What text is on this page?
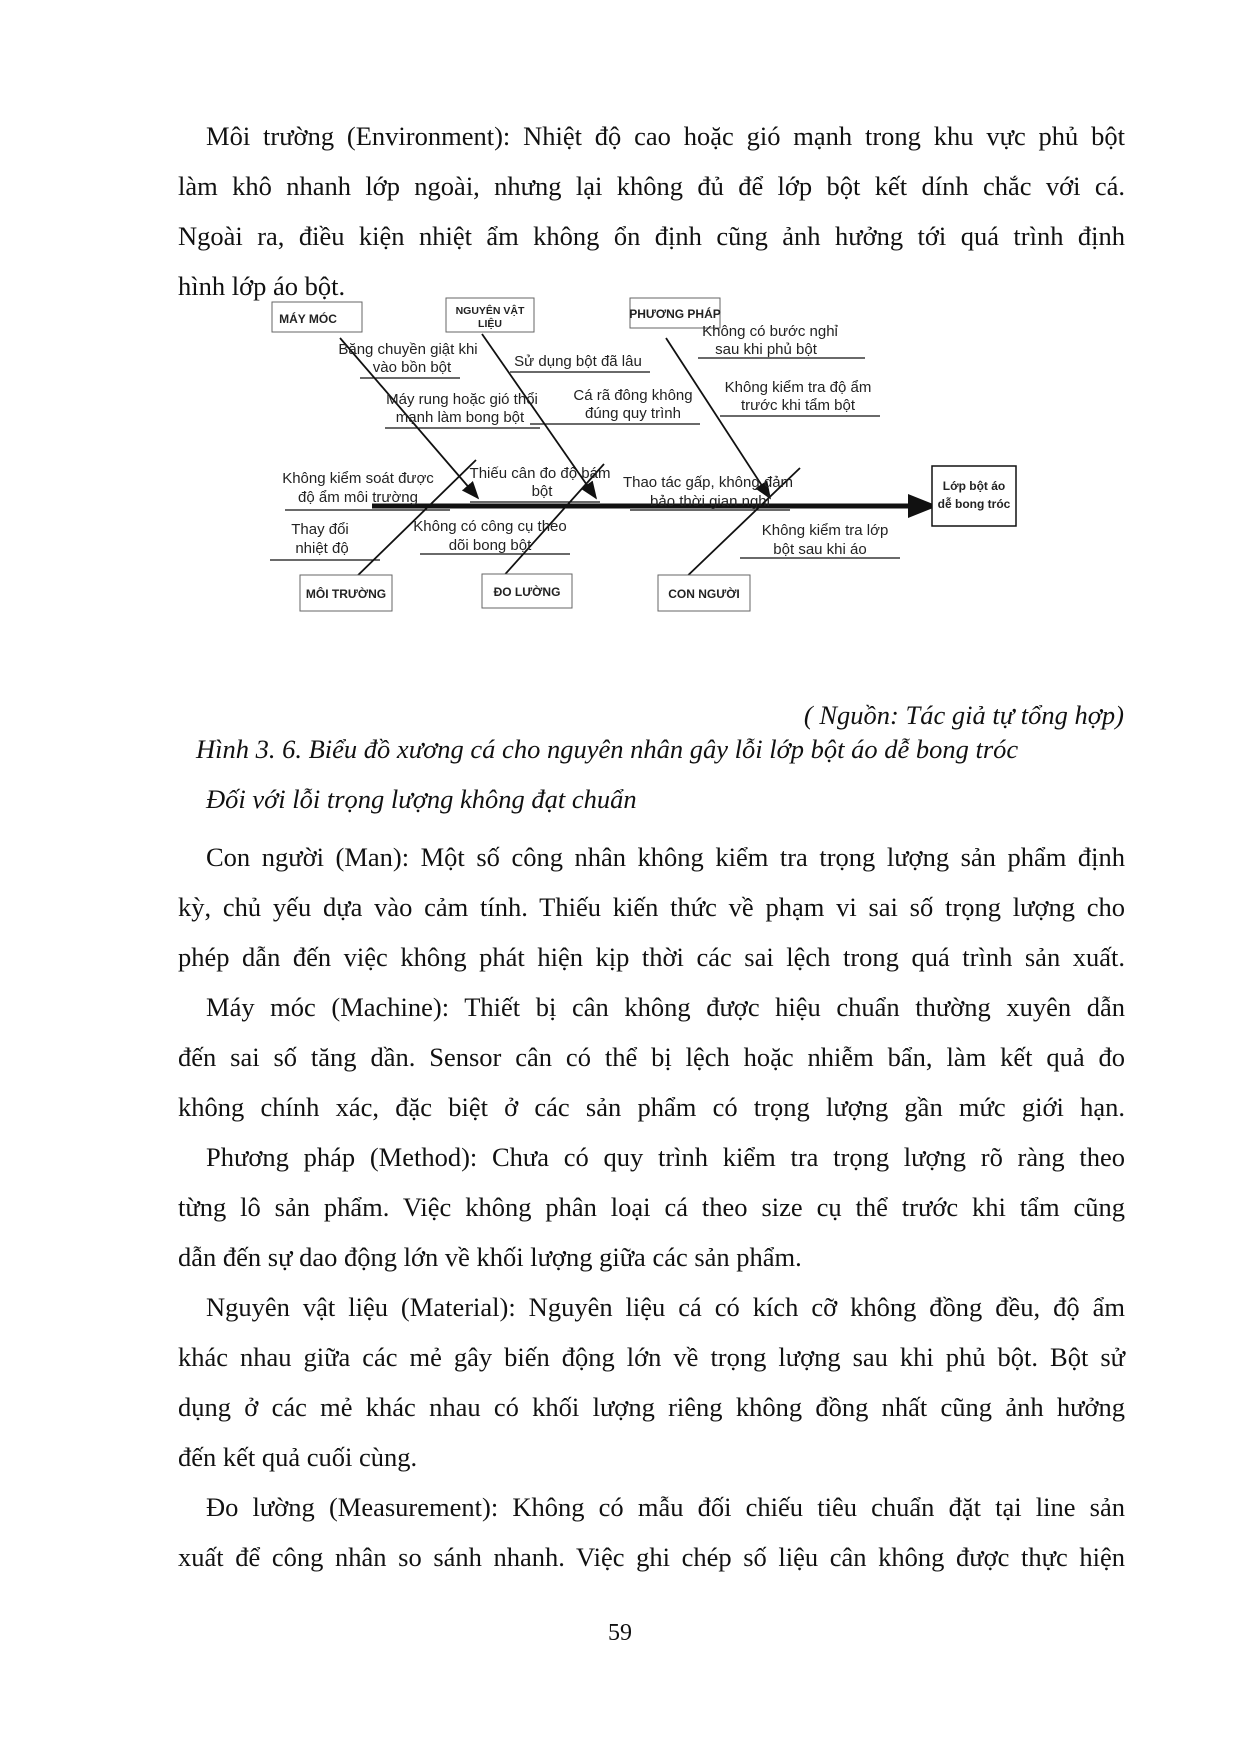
Môi trường (Environment): Nhiệt độ cao hoặc gió mạnh trong khu vực phủ bột
làm khô nhanh lớp ngoài, nhưng lại không đủ để lớp bột kết dính chắc với cá.
Ngoài ra, điều kiện nhiệt ẩm không ổn định cũng ảnh hưởng tới quá trình định
hình lớp áo bột.
Lớp bột áo dễ bong tróc
MÁY MÓC
NGUYÊN VẬT LIỆU
PHƯƠNG PHÁP
MÔI TRƯỜNG	ĐO LƯỜNG	CON NGƯỜI
Băng chuyền giật khi
vào bồn bột
Máy rung hoặc gió thổi
mạnh làm bong bột
Sử dụng bột đã lâu
Cá rã đông không
đúng quy trình
Không có bước nghỉ
sau khi phủ bột
Không kiểm tra độ ẩm
trước khi tẩm bột
Không kiểm soát được
độ ẩm môi trường
Thay đổi
nhiệt độ
Thiếu cân đo độ bám
bột
Không có công cụ theo
dõi bong bột
Thao tác gấp, không đảm
bảo thời gian nghỉ
Không kiểm tra lớp
bột sau khi áo

( Nguồn: Tác giả tự tổng hợp)

Hình 3. 6. Biểu đồ xương cá cho nguyên nhân gây lỗi lớp bột áo dễ bong tróc

Đối với lỗi trọng lượng không đạt chuẩn

Con người (Man): Một số công nhân không kiểm tra trọng lượng sản phẩm định
kỳ, chủ yếu dựa vào cảm tính. Thiếu kiến thức về phạm vi sai số trọng lượng cho
phép dẫn đến việc không phát hiện kịp thời các sai lệch trong quá trình sản xuất.
Máy móc (Machine): Thiết bị cân không được hiệu chuẩn thường xuyên dẫn
đến sai số tăng dần. Sensor cân có thể bị lệch hoặc nhiễm bẩn, làm kết quả đo
không chính xác, đặc biệt ở các sản phẩm có trọng lượng gần mức giới hạn.
Phương pháp (Method): Chưa có quy trình kiểm tra trọng lượng rõ ràng theo
từng lô sản phẩm. Việc không phân loại cá theo size cụ thể trước khi tẩm cũng
dẫn đến sự dao động lớn về khối lượng giữa các sản phẩm.
Nguyên vật liệu (Material): Nguyên liệu cá có kích cỡ không đồng đều, độ ẩm
khác nhau giữa các mẻ gây biến động lớn về trọng lượng sau khi phủ bột. Bột sử
dụng ở các mẻ khác nhau có khối lượng riêng không đồng nhất cũng ảnh hưởng
đến kết quả cuối cùng.
Đo lường (Measurement): Không có mẫu đối chiếu tiêu chuẩn đặt tại line sản
xuất để công nhân so sánh nhanh. Việc ghi chép số liệu cân không được thực hiện
59
